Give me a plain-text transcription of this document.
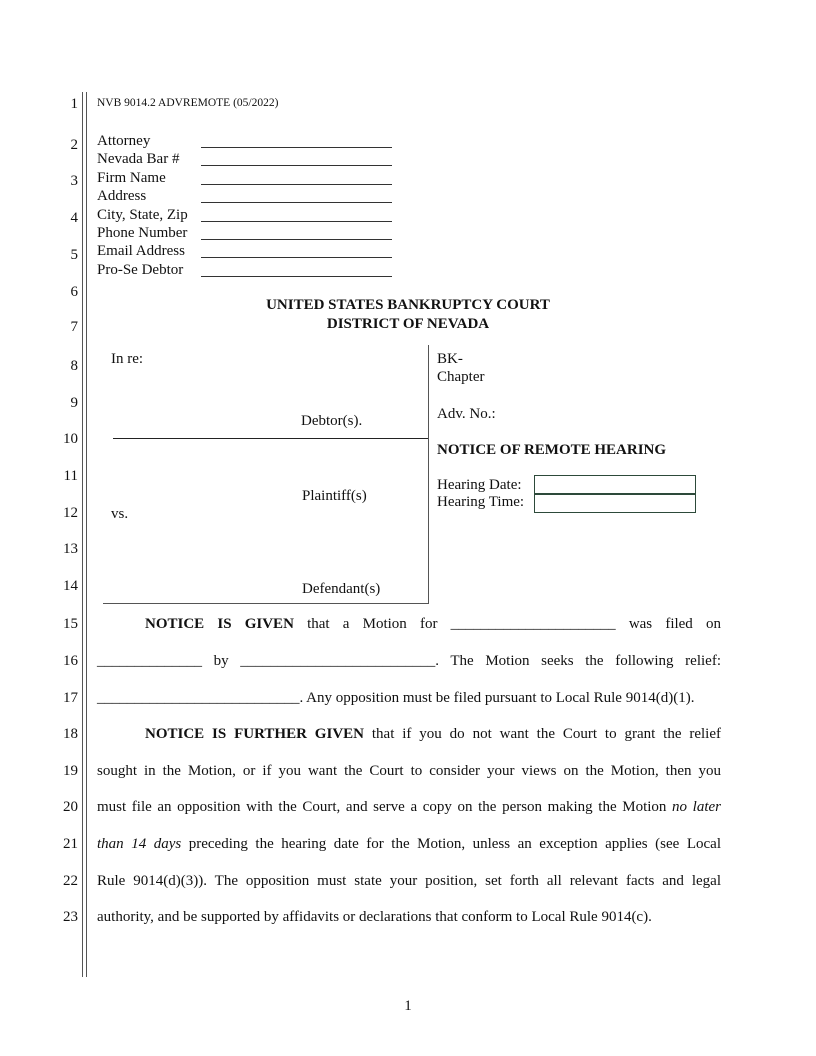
1
2
3
4
5
6
7
8
9
10
11
12
13
14
15
16
17
18
19
20
21
22
23
NVB 9014.2 ADVREMOTE (05/2022)
Attorney
Nevada Bar #
Firm Name
Address
City, State, Zip
Phone Number
Email Address
Pro-Se Debtor
UNITED STATES BANKRUPTCY COURT
DISTRICT OF NEVADA
In re:
Debtor(s).
Plaintiff(s)
vs.
Defendant(s)
BK-
Chapter
Adv. No.:
NOTICE OF REMOTE HEARING
Hearing Date:
Hearing Time:
NOTICE IS GIVEN that a Motion for ______________________ was filed on
______________ by __________________________. The Motion seeks the following relief:
___________________________. Any opposition must be filed pursuant to Local Rule 9014(d)(1).
NOTICE IS FURTHER GIVEN that if you do not want the Court to grant the relief
sought in the Motion, or if you want the Court to consider your views on the Motion, then you
must file an opposition with the Court, and serve a copy on the person making the Motion no later
than 14 days preceding the hearing date for the Motion, unless an exception applies (see Local
Rule 9014(d)(3)). The opposition must state your position, set forth all relevant facts and legal
authority, and be supported by affidavits or declarations that conform to Local Rule 9014(c).
1
